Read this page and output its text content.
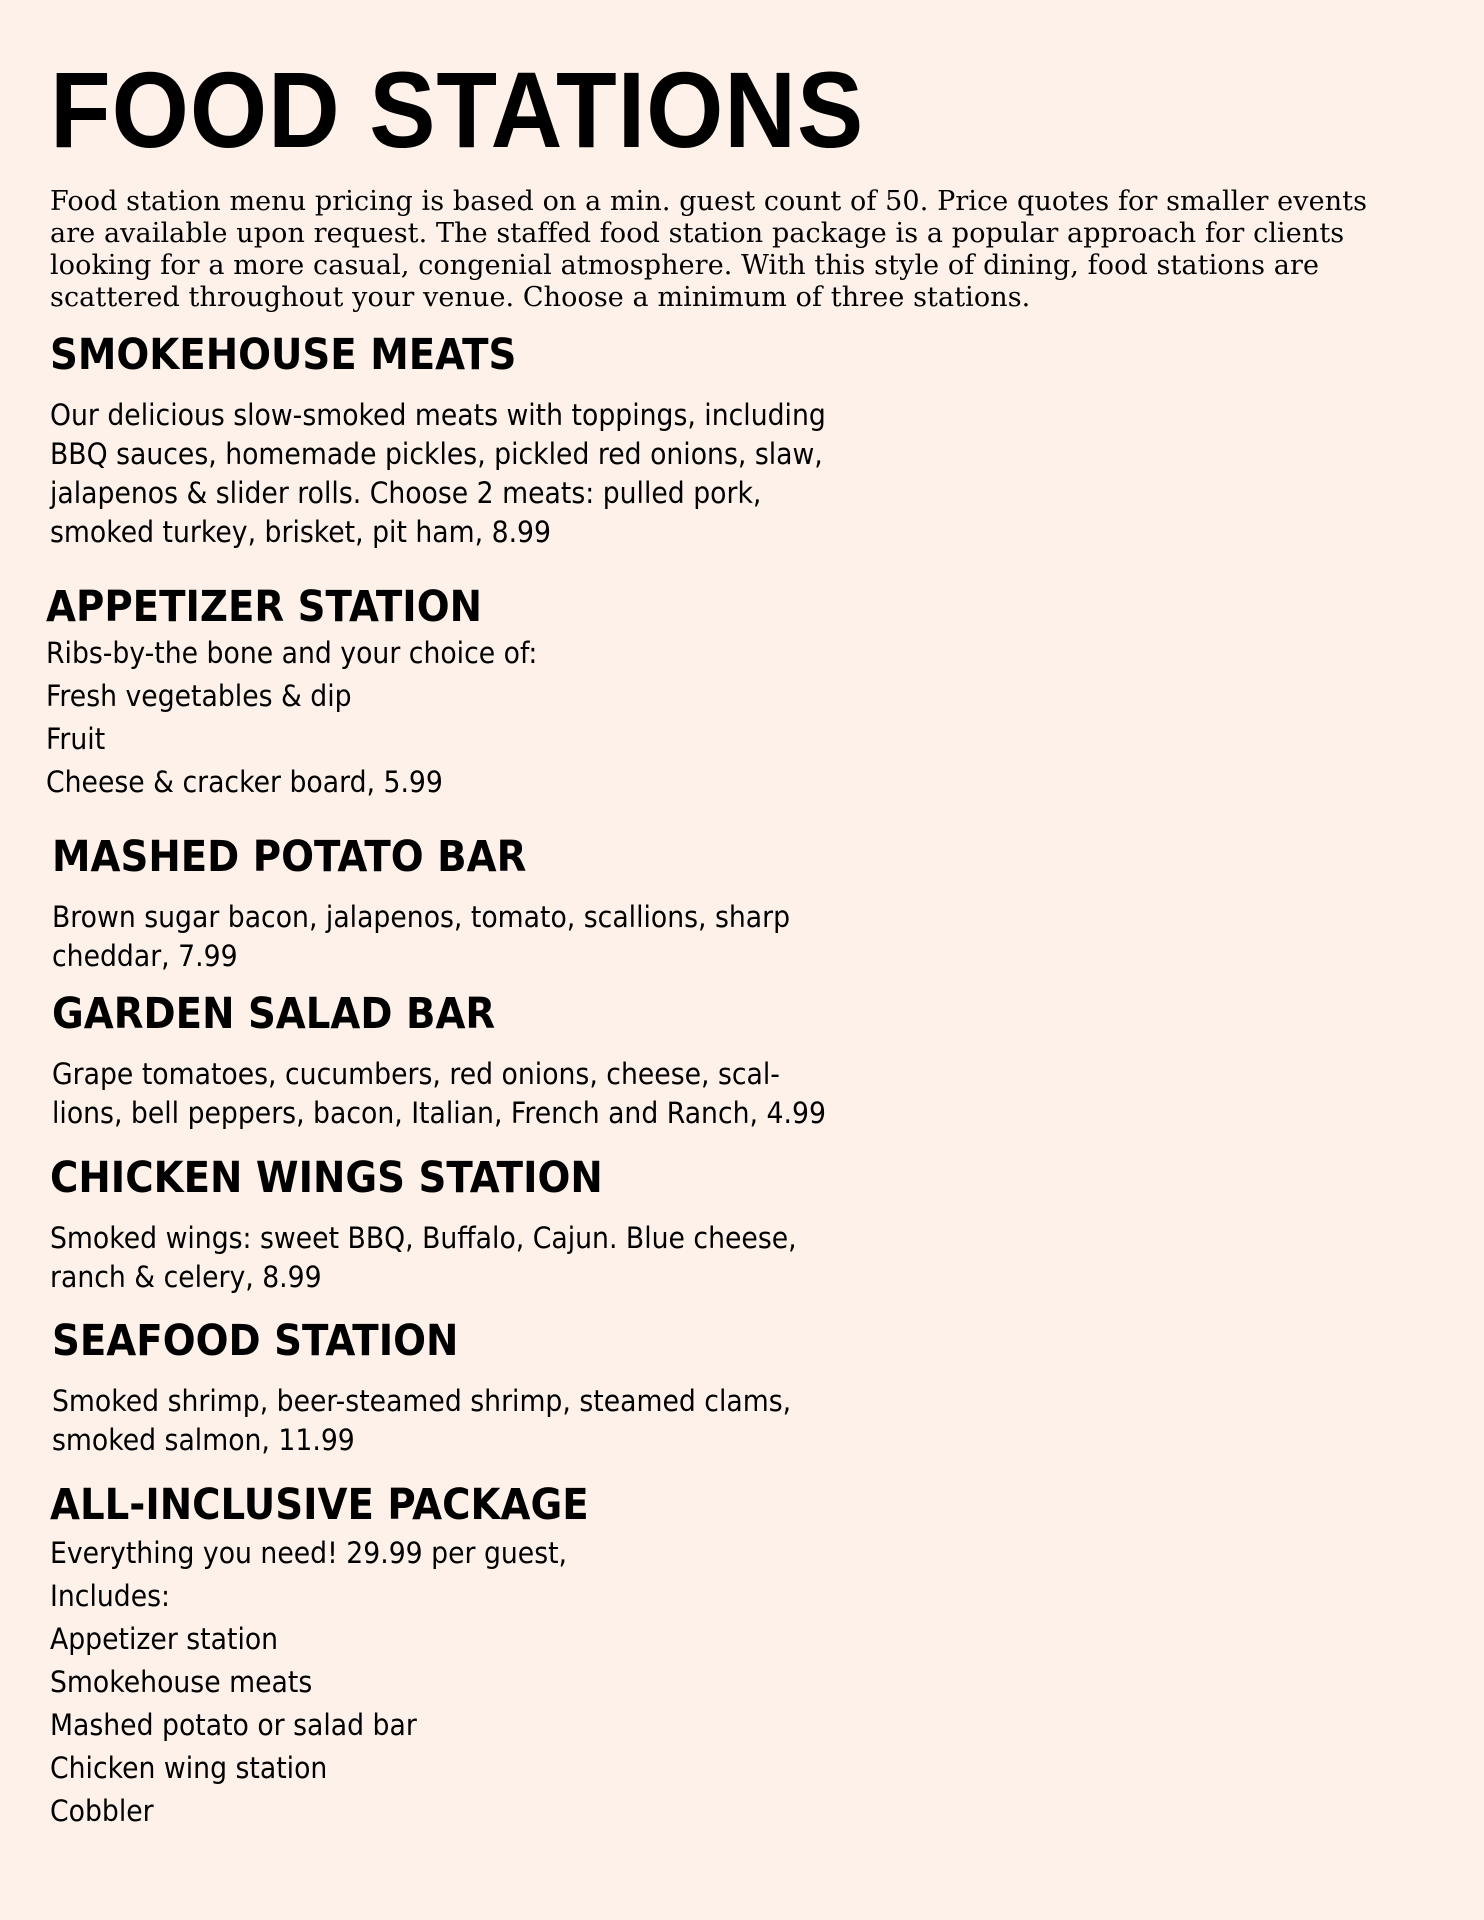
FOOD STATIONS

Food station menu pricing is based on a min. guest count of 50. Price quotes for smaller events
are available upon request. The staffed food station package is a popular approach for clients
looking for a more casual, congenial atmosphere. With this style of dining, food stations are
scattered throughout your venue. Choose a minimum of three stations.

SMOKEHOUSE MEATS
Our delicious slow-smoked meats with toppings, including
BBQ sauces, homemade pickles, pickled red onions, slaw,
jalapenos & slider rolls. Choose 2 meats: pulled pork,
smoked turkey, brisket, pit ham, 8.99
APPETIZER STATION
Ribs-by-the bone and your choice of:
Fresh vegetables & dip
Fruit
Cheese & cracker board, 5.99
MASHED POTATO BAR
Brown sugar bacon, jalapenos, tomato, scallions, sharp
cheddar, 7.99
GARDEN SALAD BAR
Grape tomatoes, cucumbers, red onions, cheese, scal-
lions, bell peppers, bacon, Italian, French and Ranch, 4.99
CHICKEN WINGS STATION
Smoked wings: sweet BBQ, Buffalo, Cajun. Blue cheese,
ranch & celery, 8.99
SEAFOOD STATION
Smoked shrimp, beer-steamed shrimp, steamed clams,
smoked salmon, 11.99
ALL-INCLUSIVE PACKAGE
Everything you need! 29.99 per guest,
Includes:
Appetizer station
Smokehouse meats
Mashed potato or salad bar
Chicken wing station
Cobbler
